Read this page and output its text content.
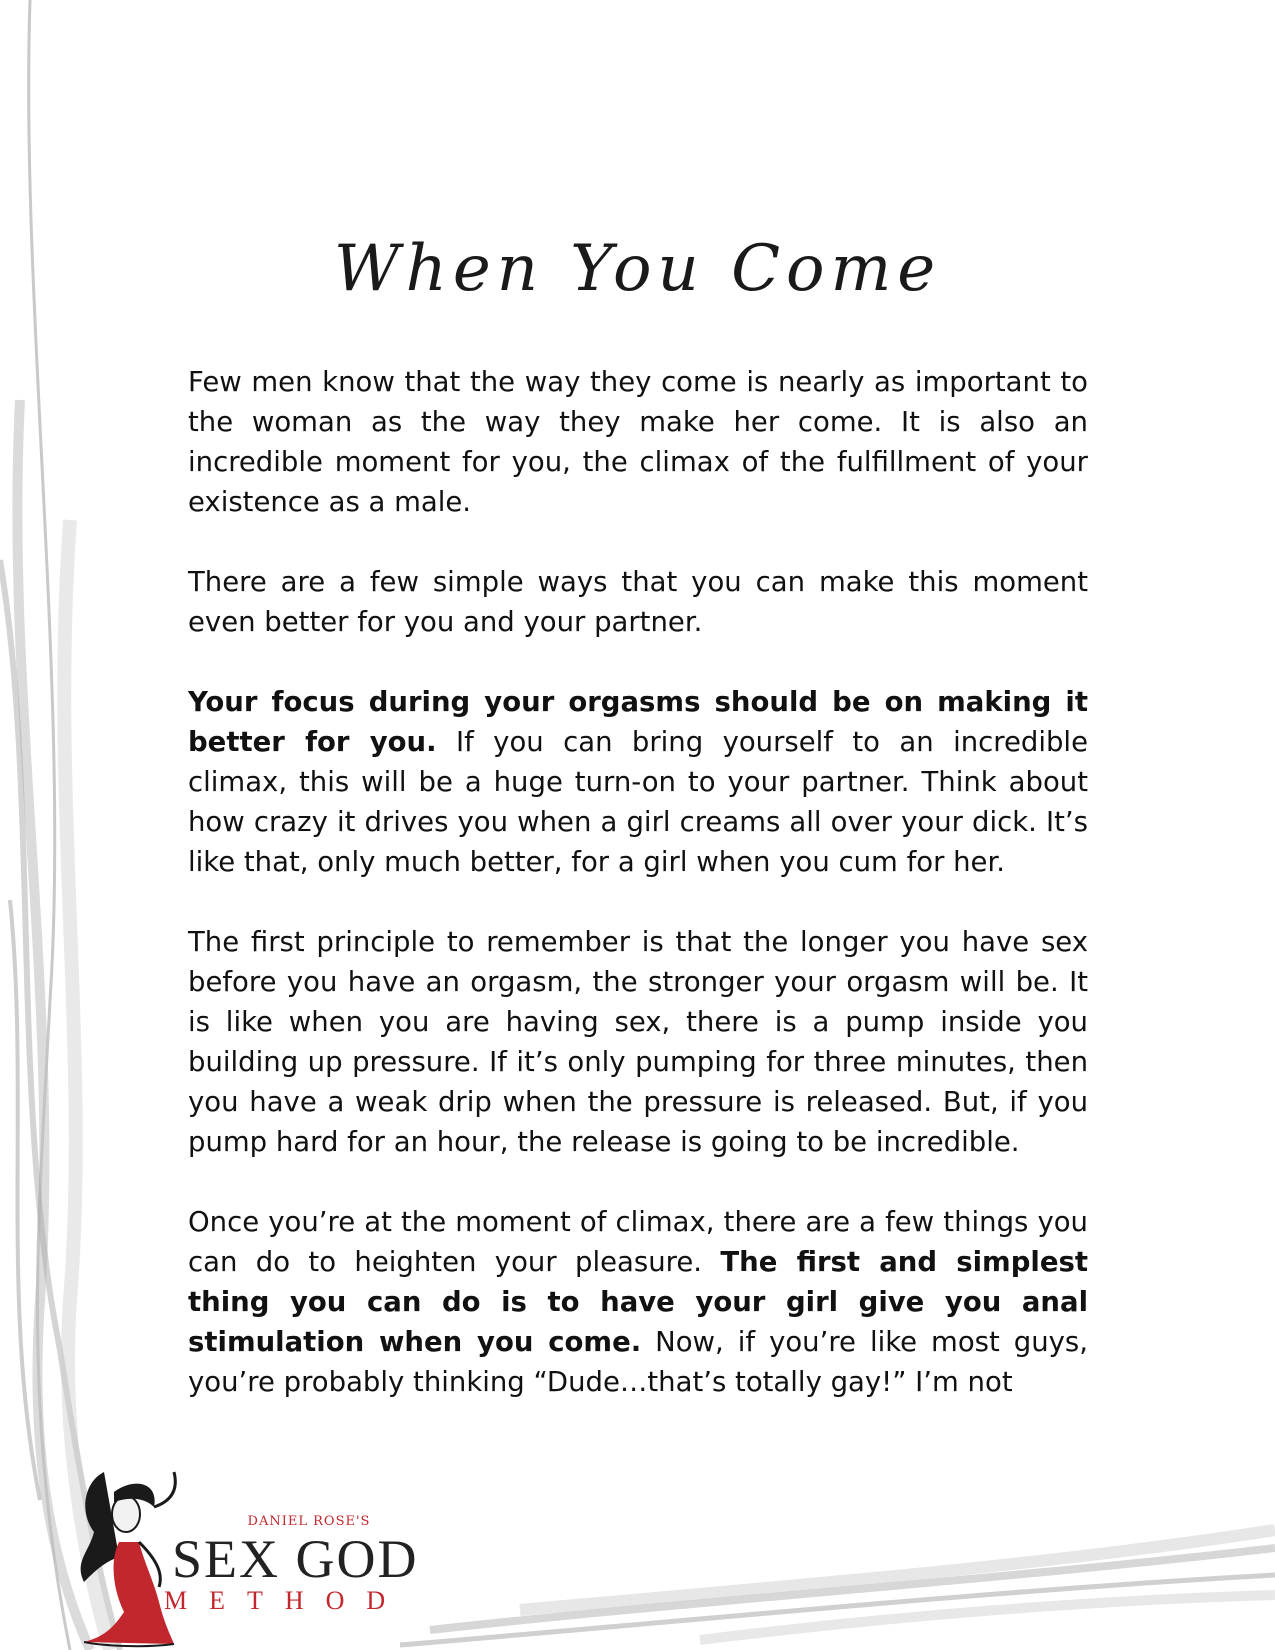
When You Come

Few men know that the way they come is nearly as important to the woman as the way they make her come. It is also an incredible moment for you, the climax of the fulfillment of your existence as a male.

There are a few simple ways that you can make this moment even better for you and your partner.

Your focus during your orgasms should be on making it better for you. If you can bring yourself to an incredible climax, this will be a huge turn-on to your partner. Think about how crazy it drives you when a girl creams all over your dick. It’s like that, only much better, for a girl when you cum for her.

The first principle to remember is that the longer you have sex before you have an orgasm, the stronger your orgasm will be. It is like when you are having sex, there is a pump inside you building up pressure. If it’s only pumping for three minutes, then you have a weak drip when the pressure is released. But, if you pump hard for an hour, the release is going to be incredible.

Once you’re at the moment of climax, there are a few things you can do to heighten your pleasure. The first and simplest thing you can do is to have your girl give you anal stimulation when you come. Now, if you’re like most guys, you’re probably thinking “Dude…that’s totally gay!” I’m not

DANIEL ROSE'S
SEX GOD
METHOD
